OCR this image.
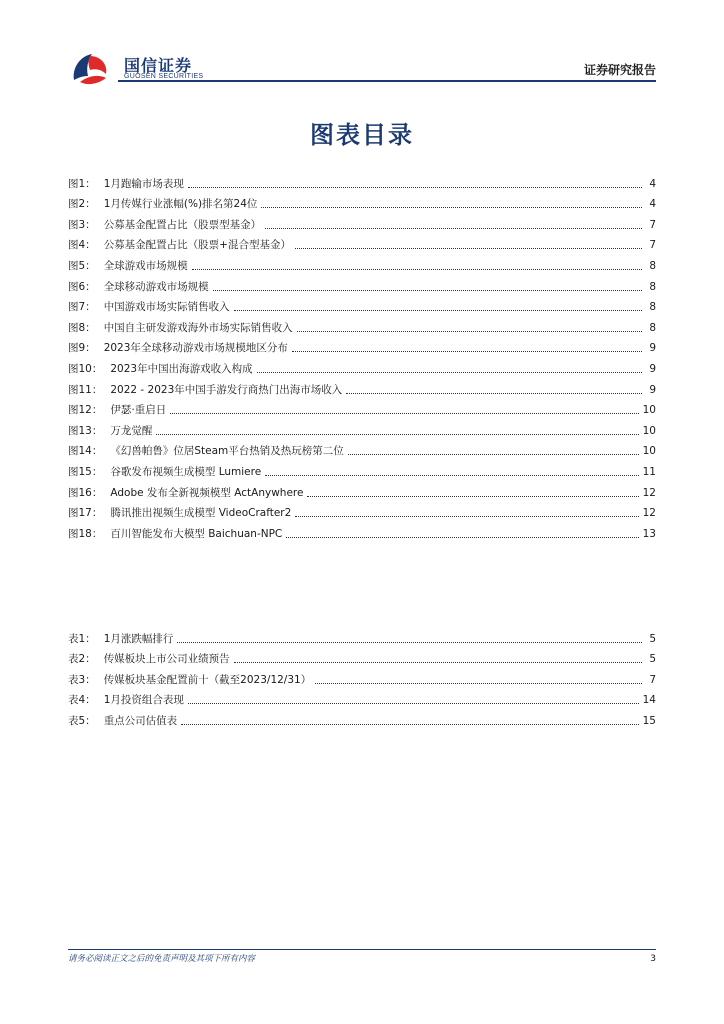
国信证券
GUOSEN SECURITIES	证券研究报告
图表目录
图1： 1月跑输市场表现	4
图2： 1月传媒行业涨幅(%)排名第24位	4
图3： 公募基金配置占比（股票型基金）	7
图4： 公募基金配置占比（股票+混合型基金）	7
图5： 全球游戏市场规模	8
图6： 全球移动游戏市场规模	8
图7： 中国游戏市场实际销售收入	8
图8： 中国自主研发游戏海外市场实际销售收入	8
图9： 2023年全球移动游戏市场规模地区分布	9
图10： 2023年中国出海游戏收入构成	9
图11： 2022 - 2023年中国手游发行商热门出海市场收入	9
图12： 伊瑟·重启日	10
图13： 万龙觉醒	10
图14： 《幻兽帕鲁》位居Steam平台热销及热玩榜第二位	10
图15： 谷歌发布视频生成模型 Lumiere	11
图16： Adobe 发布全新视频模型 ActAnywhere	12
图17： 腾讯推出视频生成模型 VideoCrafter2	12
图18： 百川智能发布大模型 Baichuan-NPC	13
表1： 1月涨跌幅排行	5
表2： 传媒板块上市公司业绩预告	5
表3： 传媒板块基金配置前十（截至2023/12/31）	7
表4： 1月投资组合表现	14
表5： 重点公司估值表	15
请务必阅读正文之后的免责声明及其项下所有内容	3
